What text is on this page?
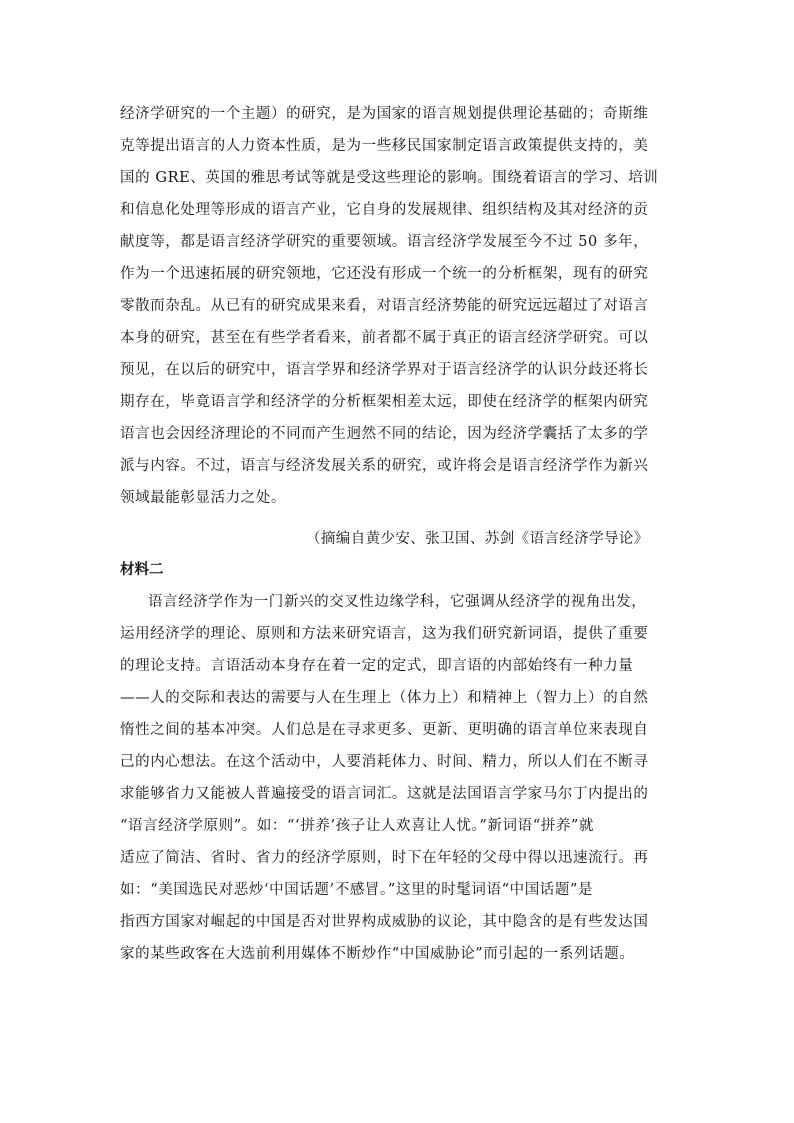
经济学研究的一个主题）的研究，是为国家的语言规划提供理论基础的；奇斯维
克等提出语言的人力资本性质，是为一些移民国家制定语言政策提供支持的，美
国的 GRE、英国的雅思考试等就是受这些理论的影响。围绕着语言的学习、培训
和信息化处理等形成的语言产业，它自身的发展规律、组织结构及其对经济的贡
献度等，都是语言经济学研究的重要领域。语言经济学发展至今不过 50 多年，
作为一个迅速拓展的研究领地，它还没有形成一个统一的分析框架，现有的研究
零散而杂乱。从已有的研究成果来看，对语言经济势能的研究远远超过了对语言
本身的研究，甚至在有些学者看来，前者都不属于真正的语言经济学研究。可以
预见，在以后的研究中，语言学界和经济学界对于语言经济学的认识分歧还将长
期存在，毕竟语言学和经济学的分析框架相差太远，即使在经济学的框架内研究
语言也会因经济理论的不同而产生迥然不同的结论，因为经济学囊括了太多的学
派与内容。不过，语言与经济发展关系的研究，或许将会是语言经济学作为新兴
领域最能彰显活力之处。
（摘编自黄少安、张卫国、苏剑《语言经济学导论》
材料二
语言经济学作为一门新兴的交叉性边缘学科，它强调从经济学的视角出发，
运用经济学的理论、原则和方法来研究语言，这为我们研究新词语，提供了重要
的理论支持。言语活动本身存在着一定的定式，即言语的内部始终有一种力量
——人的交际和表达的需要与人在生理上（体力上）和精神上（智力上）的自然
惰性之间的基本冲突。人们总是在寻求更多、更新、更明确的语言单位来表现自
己的内心想法。在这个活动中，人要消耗体力、时间、精力，所以人们在不断寻
求能够省力又能被人普遍接受的语言词汇。这就是法国语言学家马尔丁内提出的
“语言经济学原则”。如：“‘拼养’孩子让人欢喜让人忧。”新词语“拼养”就
适应了简洁、省时、省力的经济学原则，时下在年轻的父母中得以迅速流行。再
如：“美国选民对恶炒‘中国话题’不感冒。”这里的时髦词语“中国话题”是
指西方国家对崛起的中国是否对世界构成威胁的议论，其中隐含的是有些发达国
家的某些政客在大选前利用媒体不断炒作“中国威胁论”而引起的一系列话题。
